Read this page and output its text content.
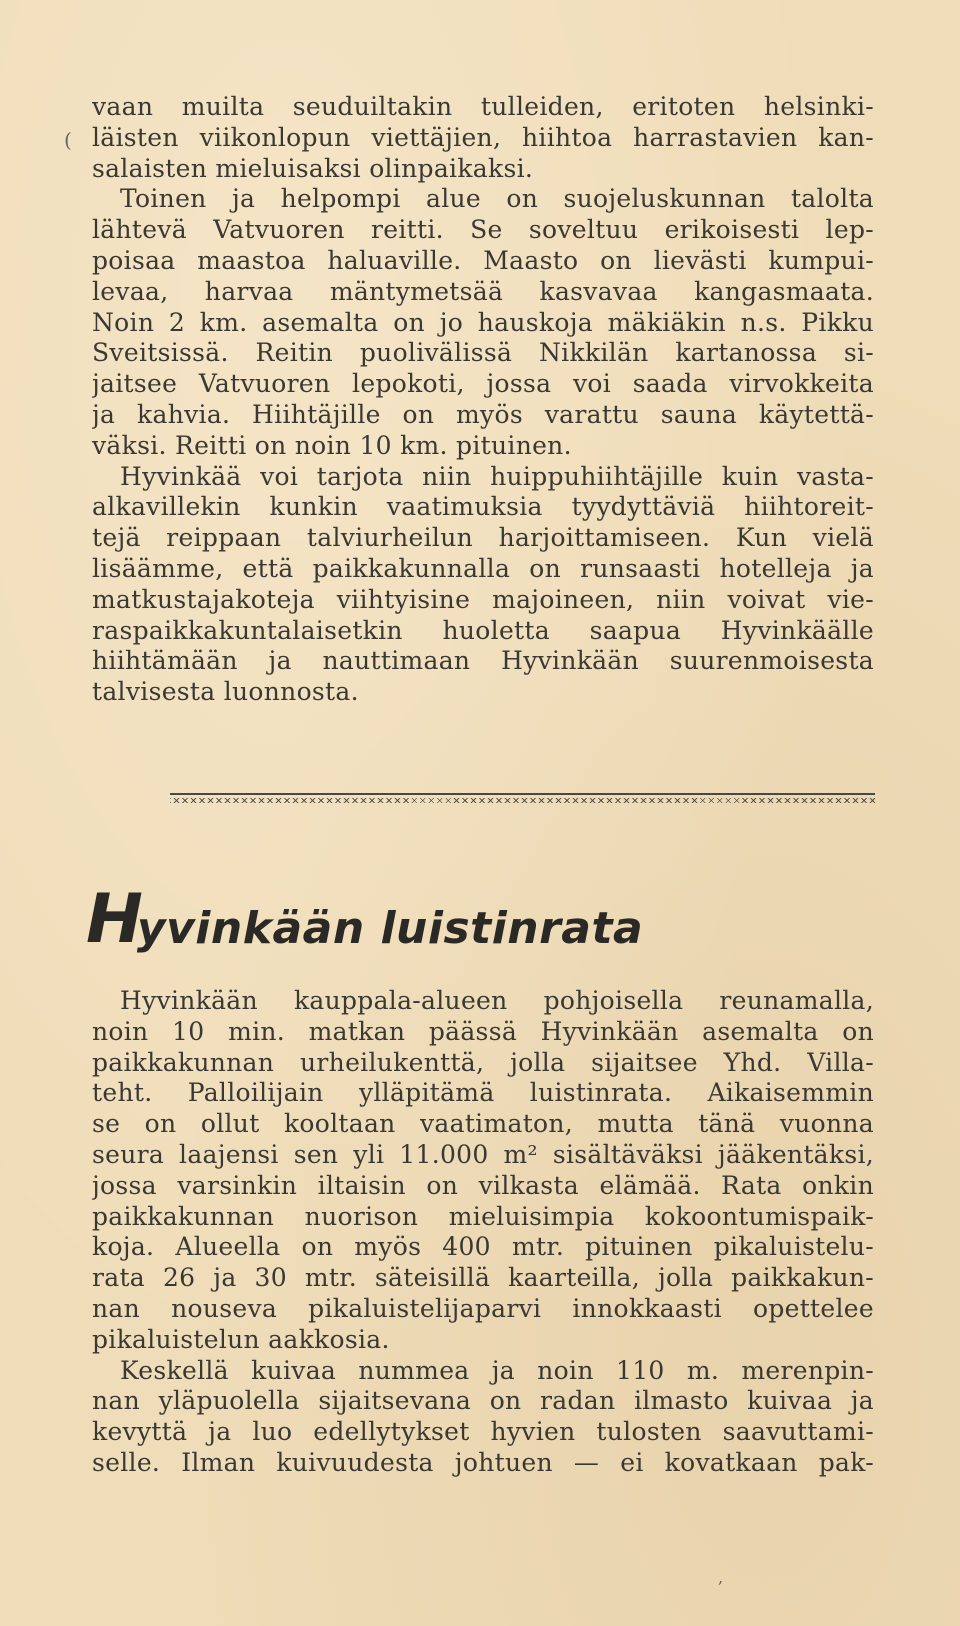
(
vaan muilta seuduiltakin tulleiden, eritoten helsinki-
läisten viikonlopun viettäjien, hiihtoa harrastavien kan-
salaisten mieluisaksi olinpaikaksi.
Toinen ja helpompi alue on suojeluskunnan talolta
lähtevä Vatvuoren reitti. Se soveltuu erikoisesti lep-
poisaa maastoa haluaville. Maasto on lievästi kumpui-
levaa, harvaa mäntymetsää kasvavaa kangasmaata.
Noin 2 km. asemalta on jo hauskoja mäkiäkin n.s. Pikku
Sveitsissä. Reitin puolivälissä Nikkilän kartanossa si-
jaitsee Vatvuoren lepokoti, jossa voi saada virvokkeita
ja kahvia. Hiihtäjille on myös varattu sauna käytettä-
väksi. Reitti on noin 10 km. pituinen.
Hyvinkää voi tarjota niin huippuhiihtäjille kuin vasta-
alkavillekin kunkin vaatimuksia tyydyttäviä hiihtoreit-
tejä reippaan talviurheilun harjoittamiseen. Kun vielä
lisäämme, että paikkakunnalla on runsaasti hotelleja ja
matkustajakoteja viihtyisine majoineen, niin voivat vie-
raspaikkakuntalaisetkin huoletta saapua Hyvinkäälle
hiihtämään ja nauttimaan Hyvinkään suurenmoisesta
talvisesta luonnosta.
Hyvinkään luistinrata
Hyvinkään kauppala-alueen pohjoisella reunamalla,
noin 10 min. matkan päässä Hyvinkään asemalta on
paikkakunnan urheilukenttä, jolla sijaitsee Yhd. Villa-
teht. Palloilijain ylläpitämä luistinrata. Aikaisemmin
se on ollut kooltaan vaatimaton, mutta tänä vuonna
seura laajensi sen yli 11.000 m² sisältäväksi jääkentäksi,
jossa varsinkin iltaisin on vilkasta elämää. Rata onkin
paikkakunnan nuorison mieluisimpia kokoontumispaik-
koja. Alueella on myös 400 mtr. pituinen pikaluistelu-
rata 26 ja 30 mtr. säteisillä kaarteilla, jolla paikkakun-
nan nouseva pikaluistelijaparvi innokkaasti opettelee
pikaluistelun aakkosia.
Keskellä kuivaa nummea ja noin 110 m. merenpin-
nan yläpuolella sijaitsevana on radan ilmasto kuivaa ja
kevyttä ja luo edellytykset hyvien tulosten saavuttami-
selle. Ilman kuivuudesta johtuen — ei kovatkaan pak-
,
